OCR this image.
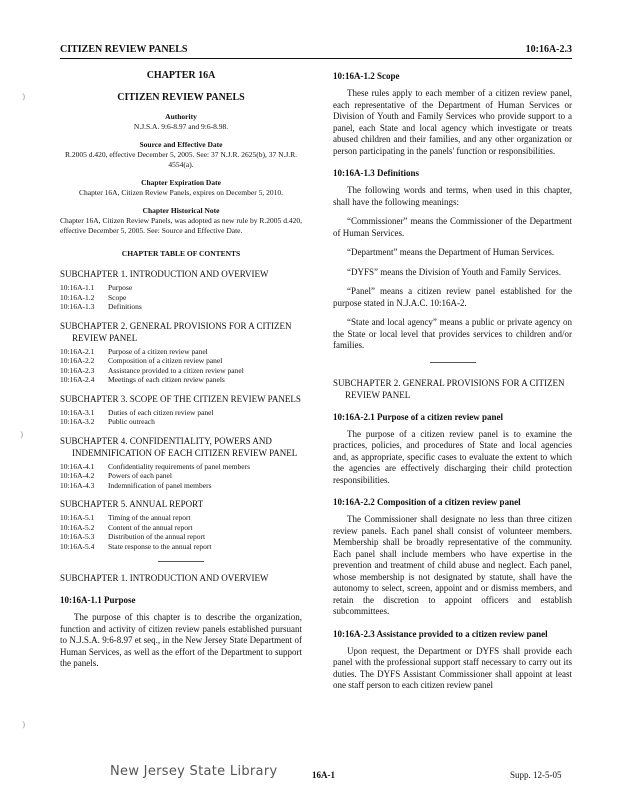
CITIZEN REVIEW PANELS	10:16A-2.3
⁾
⁾
⁾
CHAPTER 16A
CITIZEN REVIEW PANELS
Authority
N.J.S.A. 9:6-8.97 and 9:6-8.98.
Source and Effective Date
R.2005 d.420, effective December 5, 2005. See: 37 N.J.R. 2625(b), 37 N.J.R. 4554(a).
Chapter Expiration Date
Chapter 16A, Citizen Review Panels, expires on December 5, 2010.
Chapter Historical Note
Chapter 16A, Citizen Review Panels, was adopted as new rule by R.2005 d.420, effective December 5, 2005. See: Source and Effective Date.
CHAPTER TABLE OF CONTENTS
SUBCHAPTER 1. INTRODUCTION AND OVERVIEW
10:16A-1.1	Purpose
10:16A-1.2	Scope
10:16A-1.3	Definitions
SUBCHAPTER 2. GENERAL PROVISIONS FOR A CITIZEN REVIEW PANEL
10:16A-2.1	Purpose of a citizen review panel
10:16A-2.2	Composition of a citizen review panel
10:16A-2.3	Assistance provided to a citizen review panel
10:16A-2.4	Meetings of each citizen review panels
SUBCHAPTER 3. SCOPE OF THE CITIZEN REVIEW PANELS
10:16A-3.1	Duties of each citizen review panel
10:16A-3.2	Public outreach
SUBCHAPTER 4. CONFIDENTIALITY, POWERS AND INDEMNIFICATION OF EACH CITIZEN REVIEW PANEL
10:16A-4.1	Confidentiality requirements of panel members
10:16A-4.2	Powers of each panel
10:16A-4.3	Indemnification of panel members
SUBCHAPTER 5. ANNUAL REPORT
10:16A-5.1	Timing of the annual report
10:16A-5.2	Content of the annual report
10:16A-5.3	Distribution of the annual report
10:16A-5.4	State response to the annual report
SUBCHAPTER 1. INTRODUCTION AND OVERVIEW
10:16A-1.1 Purpose

The purpose of this chapter is to describe the organization, function and activity of citizen review panels established pursuant to N.J.S.A. 9:6-8.97 et seq., in the New Jersey State Department of Human Services, as well as the effort of the Department to support the panels.

10:16A-1.2 Scope

These rules apply to each member of a citizen review panel, each representative of the Department of Human Services or Division of Youth and Family Services who provide support to a panel, each State and local agency which investigate or treats abused children and their families, and any other organization or person participating in the panels' function or responsibilities.

10:16A-1.3 Definitions

The following words and terms, when used in this chapter, shall have the following meanings:

“Commissioner” means the Commissioner of the Department of Human Services.

“Department” means the Department of Human Services.

“DYFS” means the Division of Youth and Family Services.

“Panel” means a citizen review panel established for the purpose stated in N.J.A.C. 10:16A-2.

“State and local agency” means a public or private agency on the State or local level that provides services to children and/or families.

SUBCHAPTER 2. GENERAL PROVISIONS FOR A CITIZEN REVIEW PANEL
10:16A-2.1 Purpose of a citizen review panel

The purpose of a citizen review panel is to examine the practices, policies, and procedures of State and local agencies and, as appropriate, specific cases to evaluate the extent to which the agencies are effectively discharging their child protection responsibilities.

10:16A-2.2 Composition of a citizen review panel

The Commissioner shall designate no less than three citizen review panels. Each panel shall consist of volunteer members. Membership shall be broadly representative of the community. Each panel shall include members who have expertise in the prevention and treatment of child abuse and neglect. Each panel, whose membership is not designated by statute, shall have the autonomy to select, screen, appoint and or dismiss members, and retain the discretion to appoint officers and establish subcommittees.

10:16A-2.3 Assistance provided to a citizen review panel

Upon request, the Department or DYFS shall provide each panel with the professional support staff necessary to carry out its duties. The DYFS Assistant Commissioner shall appoint at least one staff person to each citizen review panel

New Jersey State Library	16A-1	Supp. 12-5-05
